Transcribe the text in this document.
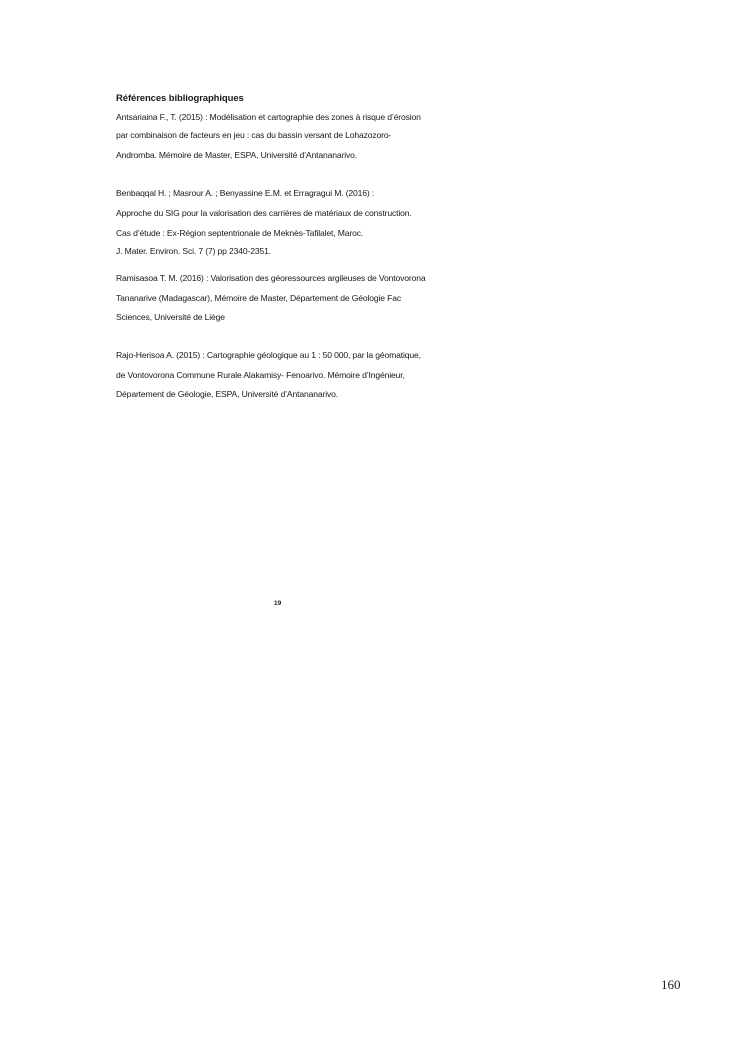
Références bibliographiques
Antsariaina F., T. (2015) : Modélisation et cartographie des zones à risque d’érosion
par combinaison de facteurs en jeu : cas du bassin versant de Lohazozoro-
Andromba. Mémoire de Master, ESPA, Université d’Antananarivo.
Benbaqqal H. ; Masrour A. ; Benyassine E.M. et Erragragui M. (2016) :
Approche du SIG pour la valorisation des carrières de matériaux de construction.
Cas d’étude : Ex-Région septentrionale de Meknès-Tafilalet, Maroc.
J. Mater. Environ. Sci. 7 (7) pp 2340-2351.
Ramisasoa T. M. (2016) : Valorisation des géoressources argileuses de Vontovorona
Tananarive (Madagascar), Mémoire de Master, Département de Géologie Fac
Sciences, Université de Liège
Rajo-Herisoa A. (2015) : Cartographie géologique au 1 : 50 000, par la géomatique,
de Vontovorona Commune Rurale Alakamisy- Fenoarivo. Mémoire d’Ingénieur,
Département de Géologie, ESPA, Université d’Antananarivo.
19
160
